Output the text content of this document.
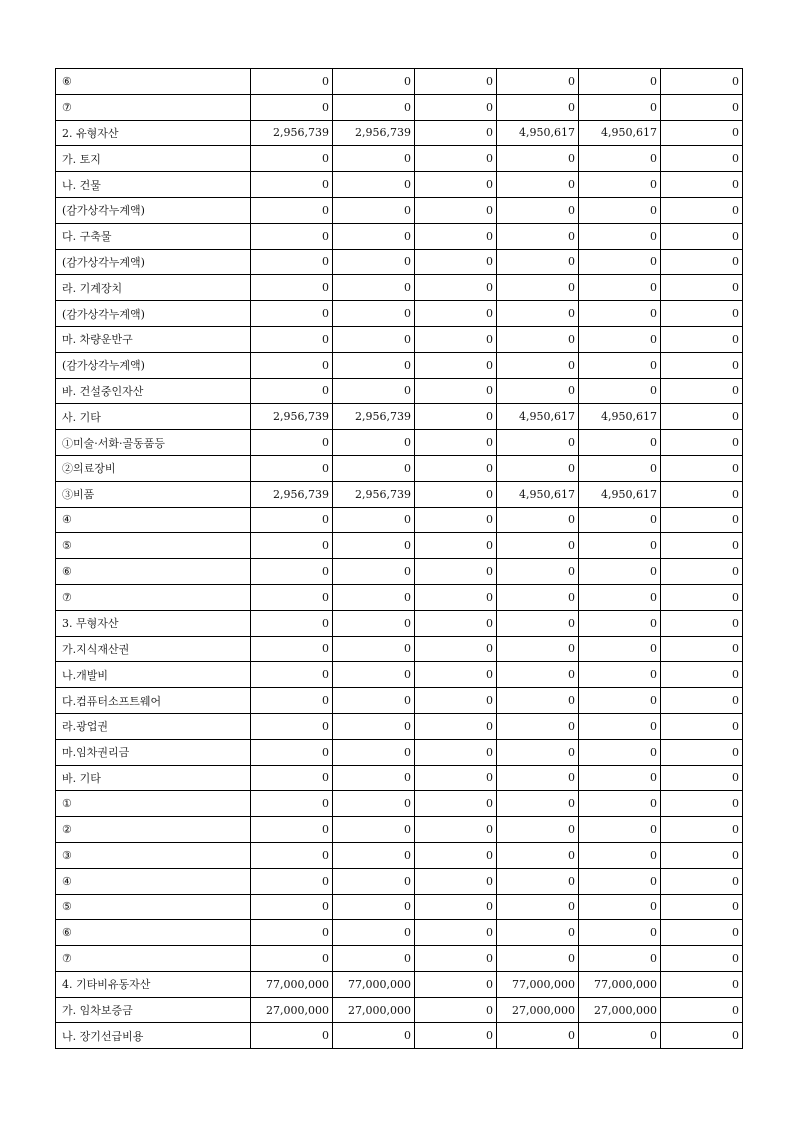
⑥	0	0	0	0	0	0
⑦	0	0	0	0	0	0
2. 유형자산	2,956,739	2,956,739	0	4,950,617	4,950,617	0
가. 토지	0	0	0	0	0	0
나. 건물	0	0	0	0	0	0
(감가상각누계액)	0	0	0	0	0	0
다. 구축물	0	0	0	0	0	0
(감가상각누계액)	0	0	0	0	0	0
라. 기계장치	0	0	0	0	0	0
(감가상각누계액)	0	0	0	0	0	0
마. 차량운반구	0	0	0	0	0	0
(감가상각누계액)	0	0	0	0	0	0
바. 건설중인자산	0	0	0	0	0	0
사. 기타	2,956,739	2,956,739	0	4,950,617	4,950,617	0
①미술·서화·골동품등	0	0	0	0	0	0
②의료장비	0	0	0	0	0	0
③비품	2,956,739	2,956,739	0	4,950,617	4,950,617	0
④	0	0	0	0	0	0
⑤	0	0	0	0	0	0
⑥	0	0	0	0	0	0
⑦	0	0	0	0	0	0
3. 무형자산	0	0	0	0	0	0
가.지식재산권	0	0	0	0	0	0
나.개발비	0	0	0	0	0	0
다.컴퓨터소프트웨어	0	0	0	0	0	0
라.광업권	0	0	0	0	0	0
마.임차권리금	0	0	0	0	0	0
바. 기타	0	0	0	0	0	0
①	0	0	0	0	0	0
②	0	0	0	0	0	0
③	0	0	0	0	0	0
④	0	0	0	0	0	0
⑤	0	0	0	0	0	0
⑥	0	0	0	0	0	0
⑦	0	0	0	0	0	0
4. 기타비유동자산	77,000,000	77,000,000	0	77,000,000	77,000,000	0
가. 임차보증금	27,000,000	27,000,000	0	27,000,000	27,000,000	0
나. 장기선급비용	0	0	0	0	0	0
